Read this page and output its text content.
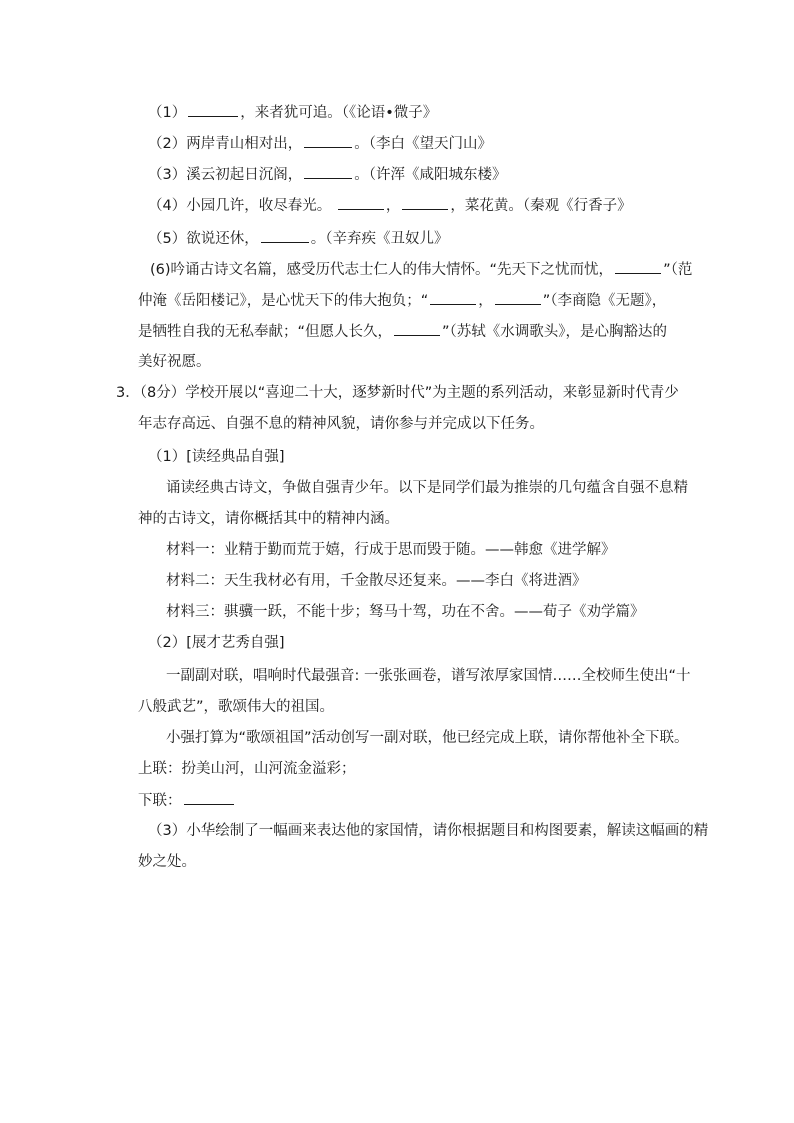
（1）	，来者犹可追。（《论语•微子》
（2）两岸青山相对出，	。（李白《望天门山》
（3）溪云初起日沉阁，	。（许浑《咸阳城东楼》
（4）小园几许，收尽春光。	，	，菜花黄。（秦观《行香子》
（5）欲说还休，	。（辛弃疾《丑奴儿》
(6)吟诵古诗文名篇，感受历代志士仁人的伟大情怀。“先天下之忧而忧，	”（范
仲淹《岳阳楼记》，是心忧天下的伟大抱负；“	，	”（李商隐《无题》，
是牺牲自我的无私奉献；“但愿人长久，	”（苏轼《水调歌头》，是心胸豁达的
美好祝愿。
3．（8分）学校开展以“喜迎二十大，逐梦新时代”为主题的系列活动，来彰显新时代青少
年志存高远、自强不息的精神风貌，请你参与并完成以下任务。
（1）[读经典品自强]
诵读经典古诗文，争做自强青少年。以下是同学们最为推崇的几句蕴含自强不息精
神的古诗文，请你概括其中的精神内涵。
材料一：业精于勤而荒于嬉，行成于思而毁于随。——韩愈《进学解》
材料二：天生我材必有用，千金散尽还复来。——李白《将进酒》
材料三：骐骥一跃，不能十步；驽马十驾，功在不舍。——荀子《劝学篇》
（2）[展才艺秀自强]
一副副对联，唱响时代最强音: 一张张画卷，谱写浓厚家国情……全校师生使出“十
八般武艺”，歌颂伟大的祖国。
小强打算为“歌颂祖国”活动创写一副对联，他已经完成上联，请你帮他补全下联。
上联：扮美山河，山河流金溢彩；
下联：
（3）小华绘制了一幅画来表达他的家国情，请你根据题目和构图要素，解读这幅画的精
妙之处。
